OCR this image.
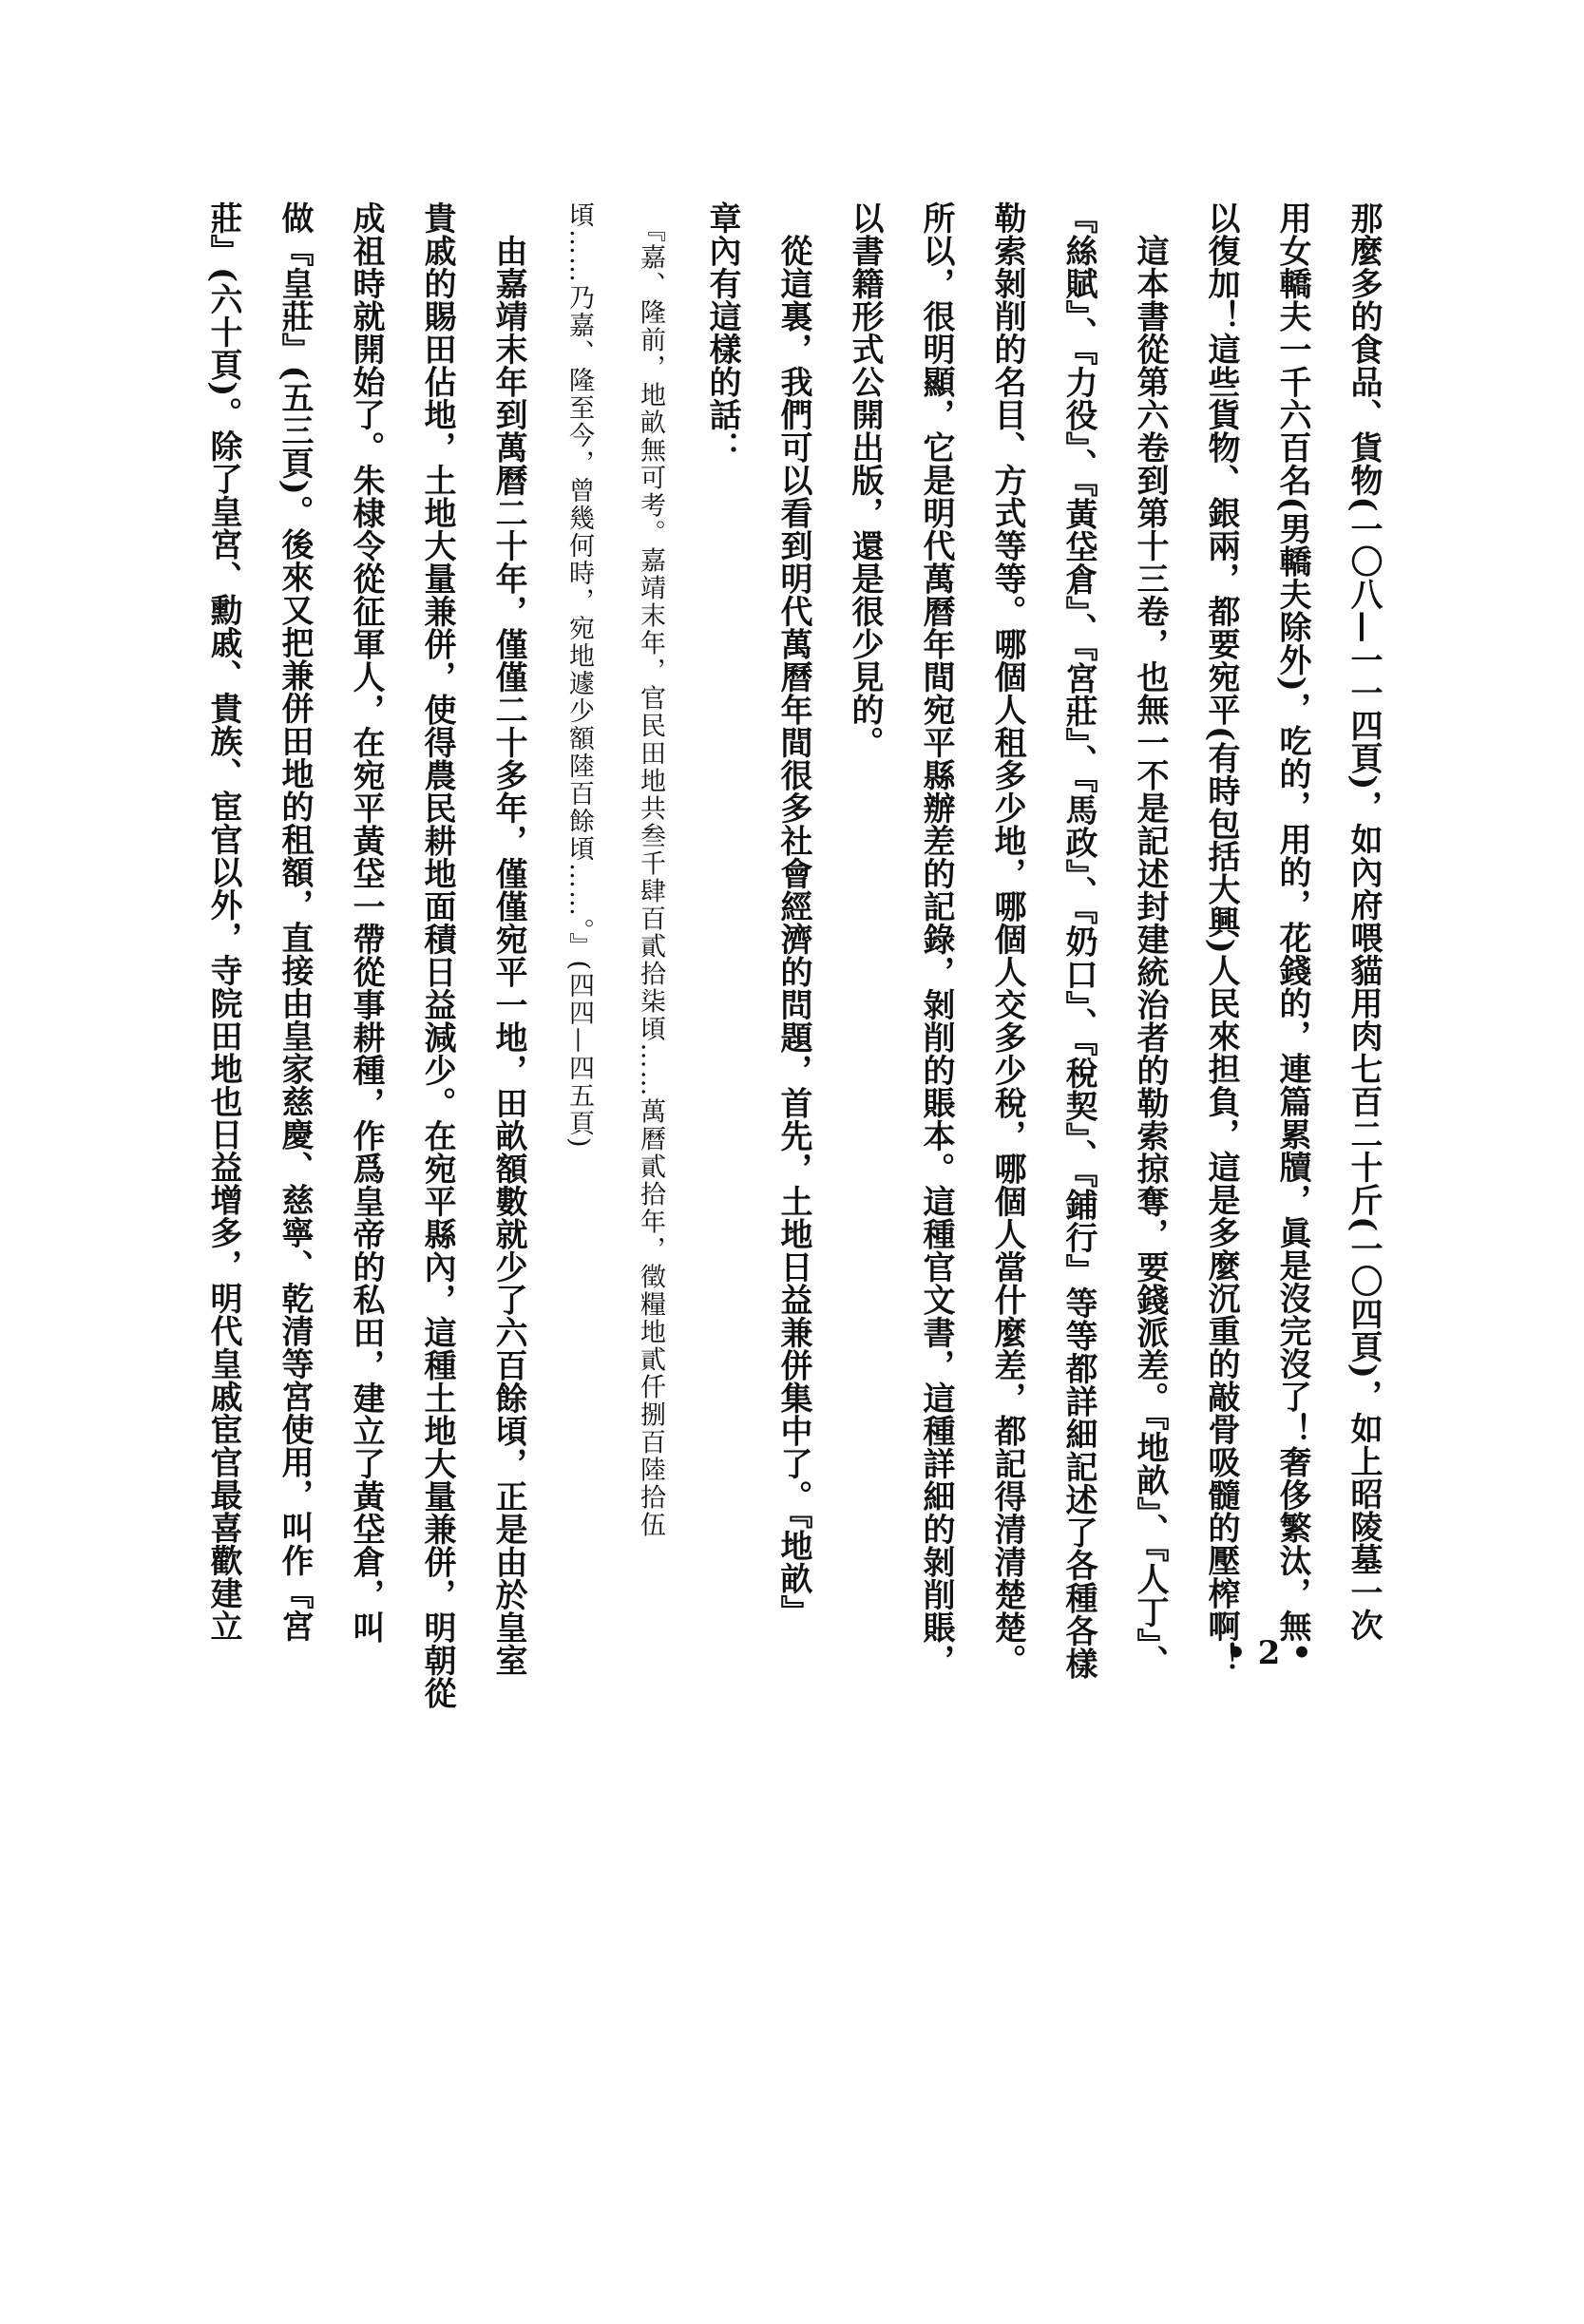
那麼多的食品、貨物(一〇八—一一四頁)，如內府喂貓用肉七百二十斤(一〇四頁)，如上昭陵墓一次
用女轎夫一千六百名(男轎夫除外)，吃的，用的，花錢的，連篇累牘，眞是沒完沒了！奢侈繁汰，無
以復加！這些貨物、銀兩，都要宛平(有時包括大興)人民來担負，這是多麼沉重的敲骨吸髓的壓榨啊！
　這本書從第六卷到第十三卷，也無一不是記述封建統治者的勒索掠奪，要錢派差。『地畝』、『人丁』、
『絲賦』、『力役』、『黃垈倉』、『宮莊』、『馬政』、『奶口』、『稅契』、『鋪行』等等都詳細記述了各種各樣
勒索剝削的名目、方式等等。哪個人租多少地，哪個人交多少稅，哪個人當什麼差，都記得清清楚楚。
所以，很明顯，它是明代萬曆年間宛平縣辦差的記錄，剝削的賬本。這種官文書，這種詳細的剝削賬，
以書籍形式公開出版，還是很少見的。
　從這裏，我們可以看到明代萬曆年間很多社會經濟的問題，首先，土地日益兼併集中了。『地畝』
章內有這樣的話：
　『嘉、隆前，地畝無可考。嘉靖末年，官民田地共叁千肆百貳拾柒頃……萬曆貳拾年，徵糧地貳仟捌百陸拾伍
頃……乃嘉、隆至今，曾幾何時，宛地遽少額陸百餘頃……。』(四四—四五頁)
　由嘉靖末年到萬曆二十年，僅僅二十多年，僅僅宛平一地，田畝額數就少了六百餘頃，正是由於皇室
貴戚的賜田佔地，土地大量兼併，使得農民耕地面積日益減少。在宛平縣內，這種土地大量兼併，明朝從
成祖時就開始了。朱棣令從征軍人，在宛平黃垈一帶從事耕種，作爲皇帝的私田，建立了黃垈倉，叫
做『皇莊』(五三頁)。後來又把兼併田地的租額，直接由皇家慈慶、慈寧、乾清等宮使用，叫作『宮
莊』(六十頁)。除了皇宮、勳戚、貴族、宦官以外，寺院田地也日益增多，明代皇戚宦官最喜歡建立
• 2 •
